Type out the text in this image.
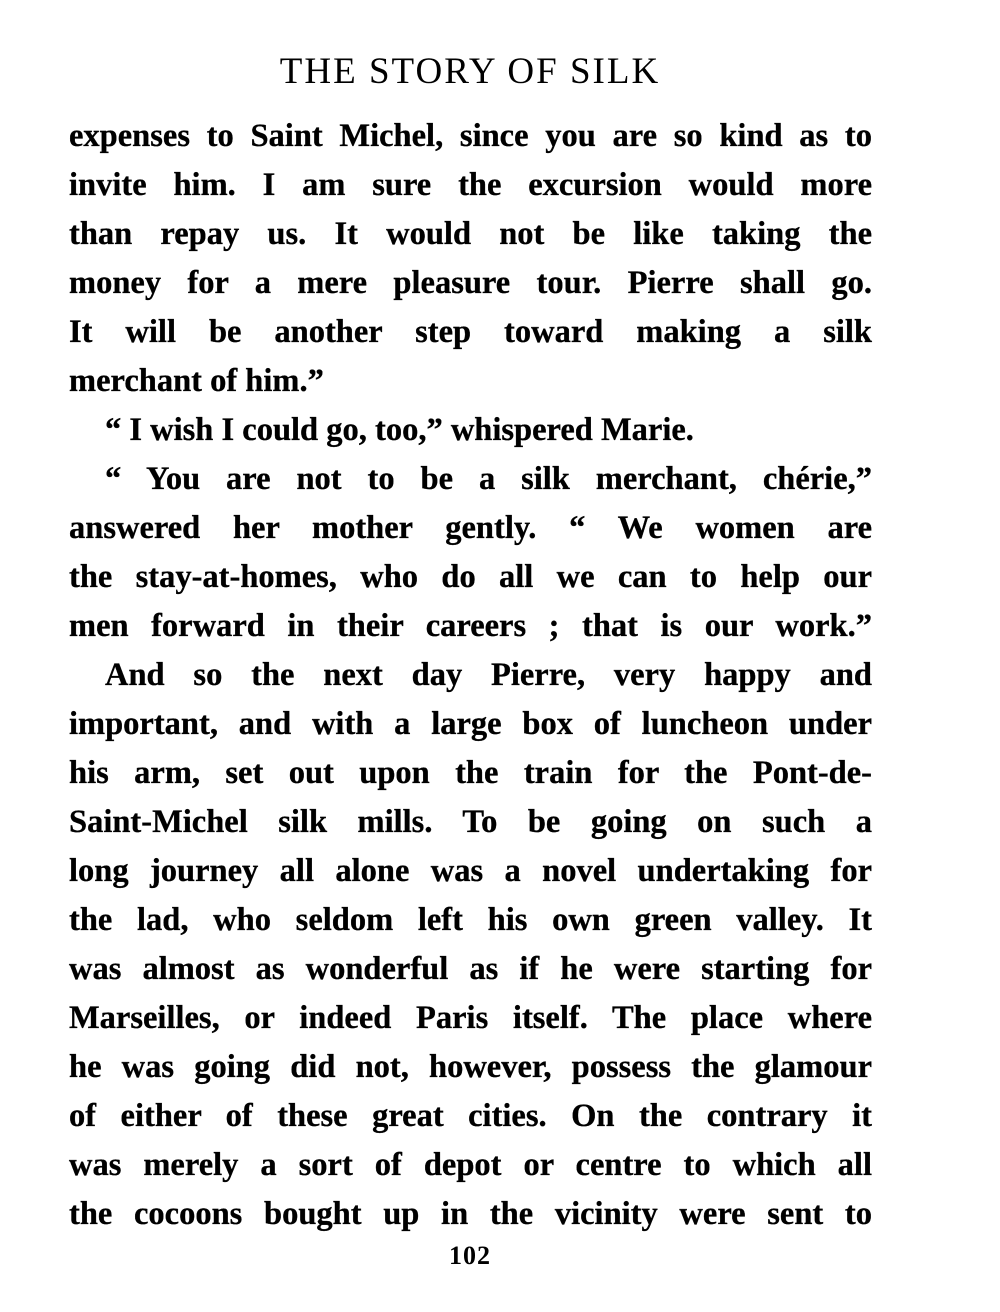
THE STORY OF SILK
expenses to Saint Michel, since you are so kind as to
invite him. I am sure the excursion would more
than repay us. It would not be like taking the
money for a mere pleasure tour. Pierre shall go.
It will be another step toward making a silk
merchant of him.”
“ I wish I could go, too,” whispered Marie.
“ You are not to be a silk merchant, chérie,”
answered her mother gently. “ We women are
the stay-at-homes, who do all we can to help our
men forward in their careers ; that is our work.”
And so the next day Pierre, very happy and
important, and with a large box of luncheon under
his arm, set out upon the train for the Pont-de-
Saint-Michel silk mills. To be going on such a
long journey all alone was a novel undertaking for
the lad, who seldom left his own green valley. It
was almost as wonderful as if he were starting for
Marseilles, or indeed Paris itself. The place where
he was going did not, however, possess the glamour
of either of these great cities. On the contrary it
was merely a sort of depot or centre to which all
the cocoons bought up in the vicinity were sent to
102
